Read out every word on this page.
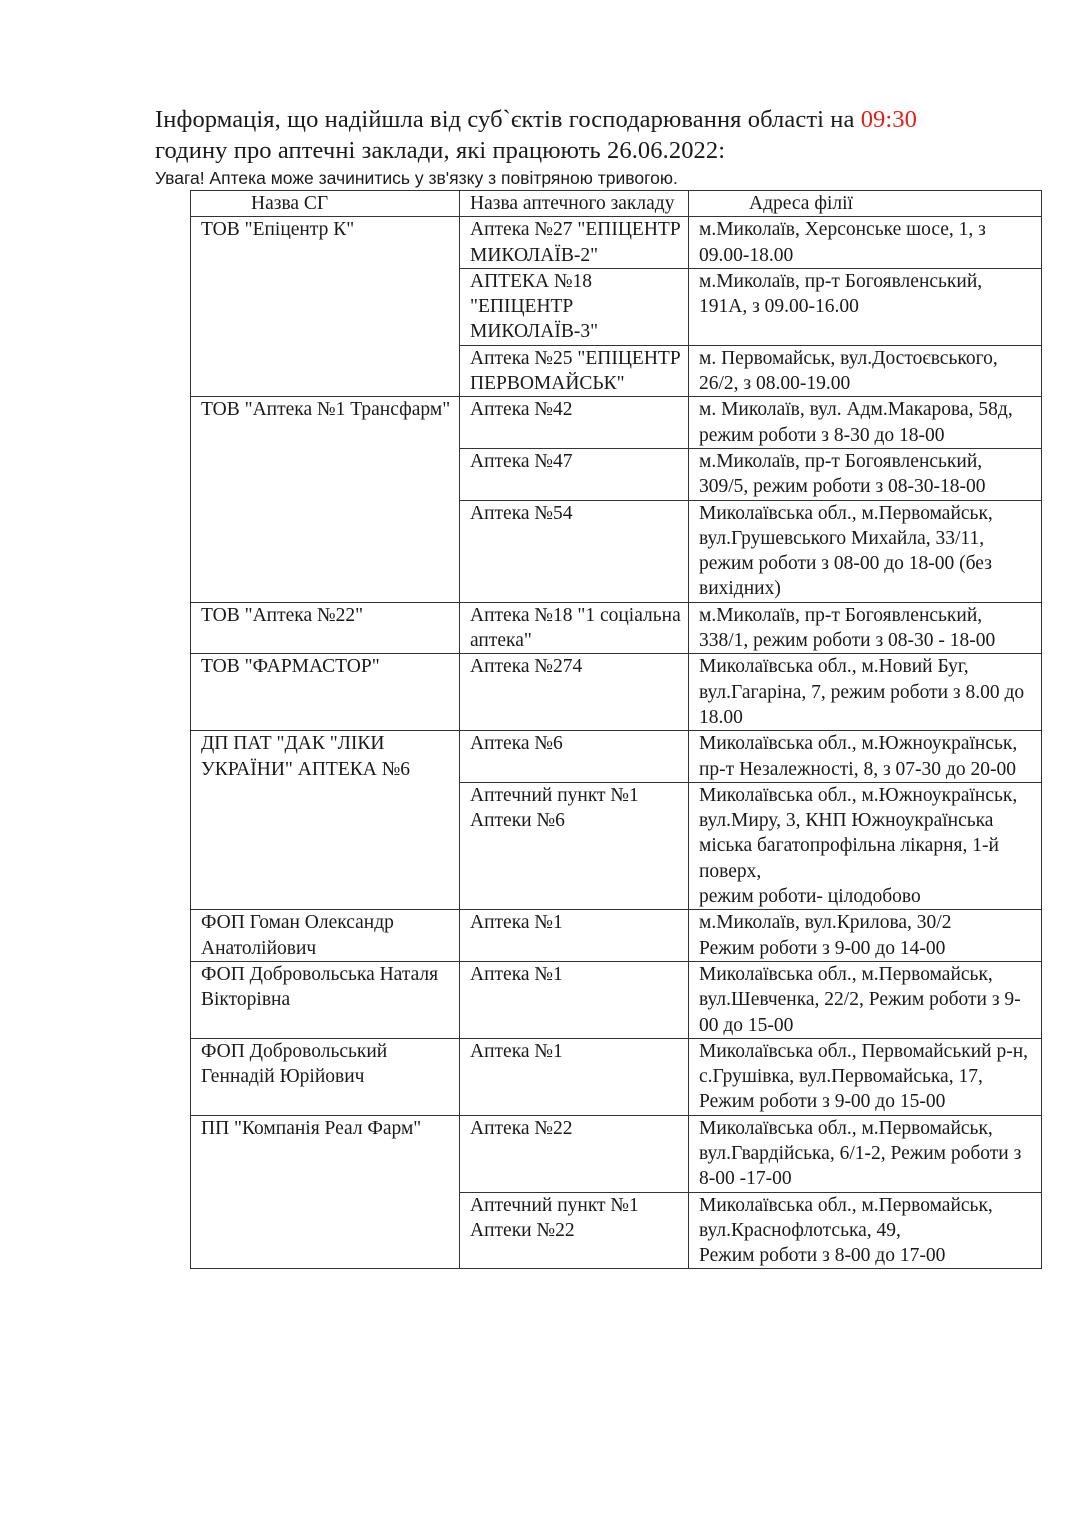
Інформація, що надійшла від суб`єктів господарювання області на 09:30
годину про аптечні заклади, які працюють 26.06.2022:
Увага! Аптека може зачинитись у зв'язку з повітряною тривогою.
Назва СГ	Назва аптечного закладу	Адреса філії
ТОВ "Епіцентр К"	Аптека №27 "ЕПІЦЕНТР МИКОЛАЇВ-2"	м.Миколаїв, Херсонське шосе, 1, з 09.00-18.00
	АПТЕКА №18 "ЕПІЦЕНТР МИКОЛАЇВ-3"	м.Миколаїв, пр-т Богоявленський, 191А, з 09.00-16.00
	Аптека №25 "ЕПІЦЕНТР ПЕРВОМАЙСЬК"	м. Первомайськ, вул.Достоєвського, 26/2, з 08.00-19.00
ТОВ "Аптека №1 Трансфарм"	Аптека №42	м. Миколаїв, вул. Адм.Макарова, 58д, режим роботи з 8-30 до 18-00
	Аптека №47	м.Миколаїв, пр-т Богоявленський, 309/5, режим роботи з 08-30-18-00
	Аптека №54	Миколаївська обл., м.Первомайськ, вул.Грушевського Михайла, 33/11, режим роботи з 08-00 до 18-00 (без вихідних)
ТОВ "Аптека №22"	Аптека №18 "1 соціальна аптека"	м.Миколаїв, пр-т Богоявленський, 338/1, режим роботи з 08-30 - 18-00
ТОВ "ФАРМАСТОР"	Аптека №274	Миколаївська обл., м.Новий Буг, вул.Гагаріна, 7, режим роботи з 8.00 до 18.00
ДП ПАТ "ДАК "ЛІКИ УКРАЇНИ" АПТЕКА №6	Аптека №6	Миколаївська обл., м.Южноукраїнськ, пр-т Незалежності, 8, з 07-30 до 20-00
	Аптечний пункт №1 Аптеки №6	Миколаївська обл., м.Южноукраїнськ, вул.Миру, 3, КНП Южноукраїнська міська багатопрофільна лікарня, 1-й поверх,
режим роботи- цілодобово
ФОП Гоман Олександр Анатолійович	Аптека №1	м.Миколаїв, вул.Крилова, 30/2
Режим роботи з 9-00 до 14-00
ФОП Добровольська Наталя Вікторівна	Аптека №1	Миколаївська обл., м.Первомайськ, вул.Шевченка, 22/2, Режим роботи з 9-00 до 15-00
ФОП Добровольський Геннадій Юрійович	Аптека №1	Миколаївська обл., Первомайський р-н, с.Грушівка, вул.Первомайська, 17, Режим роботи з 9-00 до 15-00
ПП "Компанія Реал Фарм"	Аптека №22	Миколаївська обл., м.Первомайськ, вул.Гвардійська, 6/1-2, Режим роботи з 8-00 -17-00
	Аптечний пункт №1 Аптеки №22	Миколаївська обл., м.Первомайськ, вул.Краснофлотська, 49,
Режим роботи з 8-00 до 17-00
